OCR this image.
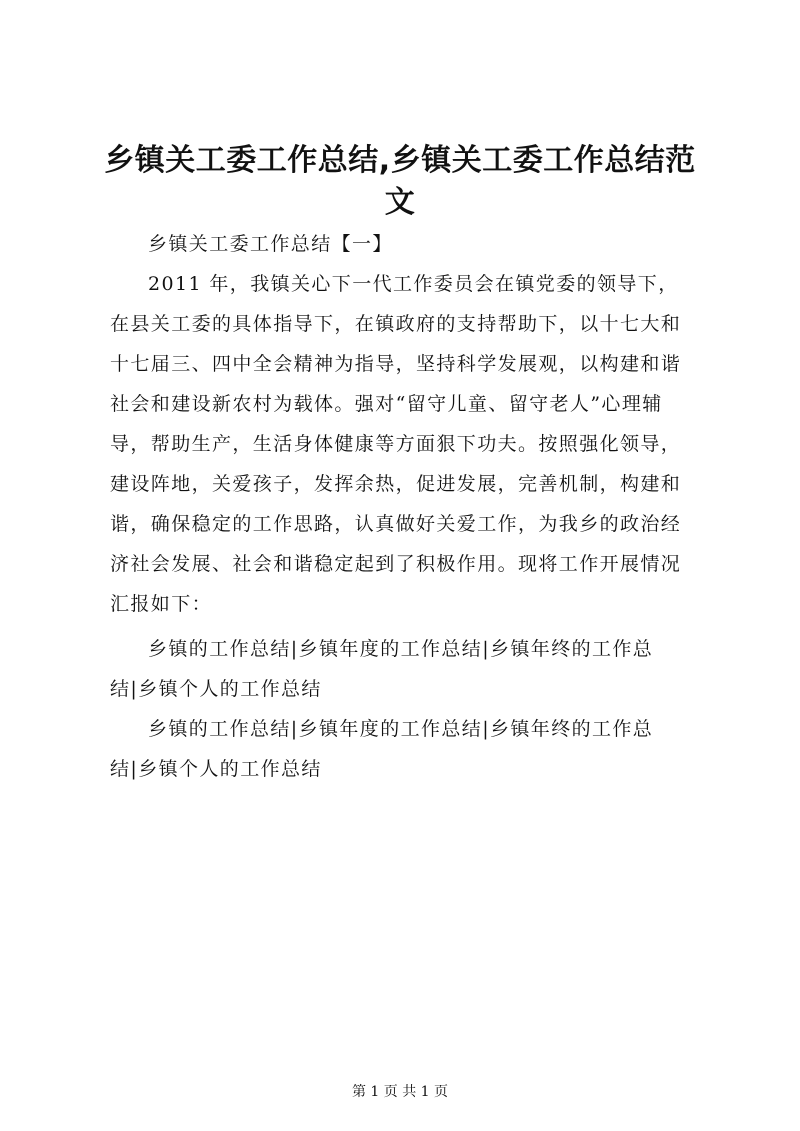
乡镇关工委工作总结,乡镇关工委工作总结范
文
乡镇关工委工作总结【一】
2011 年，我镇关心下一代工作委员会在镇党委的领导下，
在县关工委的具体指导下，在镇政府的支持帮助下，以十七大和
十七届三、四中全会精神为指导，坚持科学发展观，以构建和谐
社会和建设新农村为载体。强对“留守儿童、留守老人”心理辅
导，帮助生产，生活身体健康等方面狠下功夫。按照强化领导，
建设阵地，关爱孩子，发挥余热，促进发展，完善机制，构建和
谐，确保稳定的工作思路，认真做好关爱工作，为我乡的政治经
济社会发展、社会和谐稳定起到了积极作用。现将工作开展情况
汇报如下：
乡镇的工作总结|乡镇年度的工作总结|乡镇年终的工作总
结|乡镇个人的工作总结
乡镇的工作总结|乡镇年度的工作总结|乡镇年终的工作总
结|乡镇个人的工作总结
第 1 页 共 1 页
